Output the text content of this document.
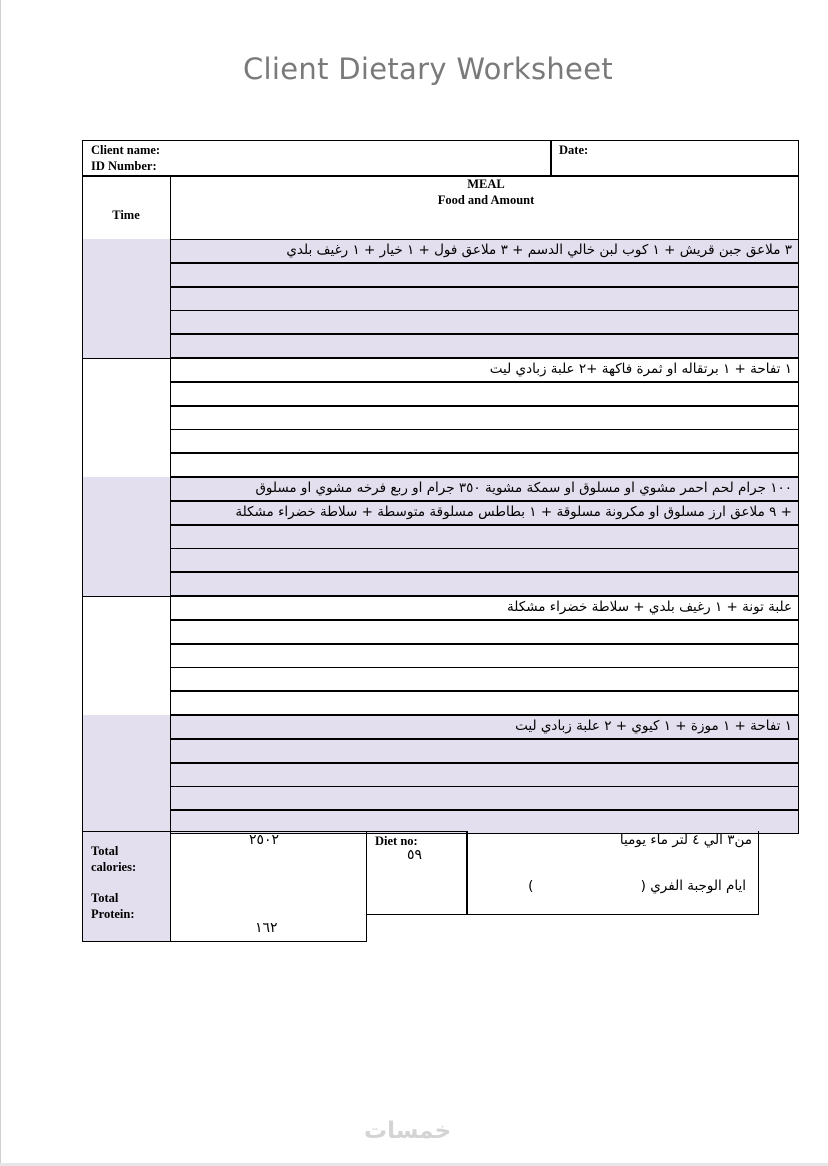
Client Dietary Worksheet
Client name:
ID Number:
Date:
Time
MEAL
Food and Amount
٣ ملاعق جبن قريش + ١ كوب لبن خالي الدسم + ٣ ملاعق فول + ١ خيار + ١ رغيف بلدي
١ تفاحة + ١ برتقاله او ثمرة فاكهة +٢ علبة زبادي ليت
١٠٠ جرام لحم احمر مشوي او مسلوق او سمكة مشوية ٣٥٠ جرام او ربع فرخه مشوي او مسلوق
+ ٩ ملاعق ارز مسلوق او مكرونة مسلوقة + ١ بطاطس مسلوقة متوسطة + سلاطة خضراء مشكلة
علبة تونة + ١ رغيف بلدي + سلاطة خضراء مشكلة
١ تفاحة + ١ موزة + ١ كيوي + ٢ علبة زبادي ليت
Total calories:
Total Protein:
٢٥٠٢
١٦٢
Diet no:
٥٩
من٣ الي ٤ لتر ماء يوميا
ايام الوجبة الفري (                         )
خمسات
